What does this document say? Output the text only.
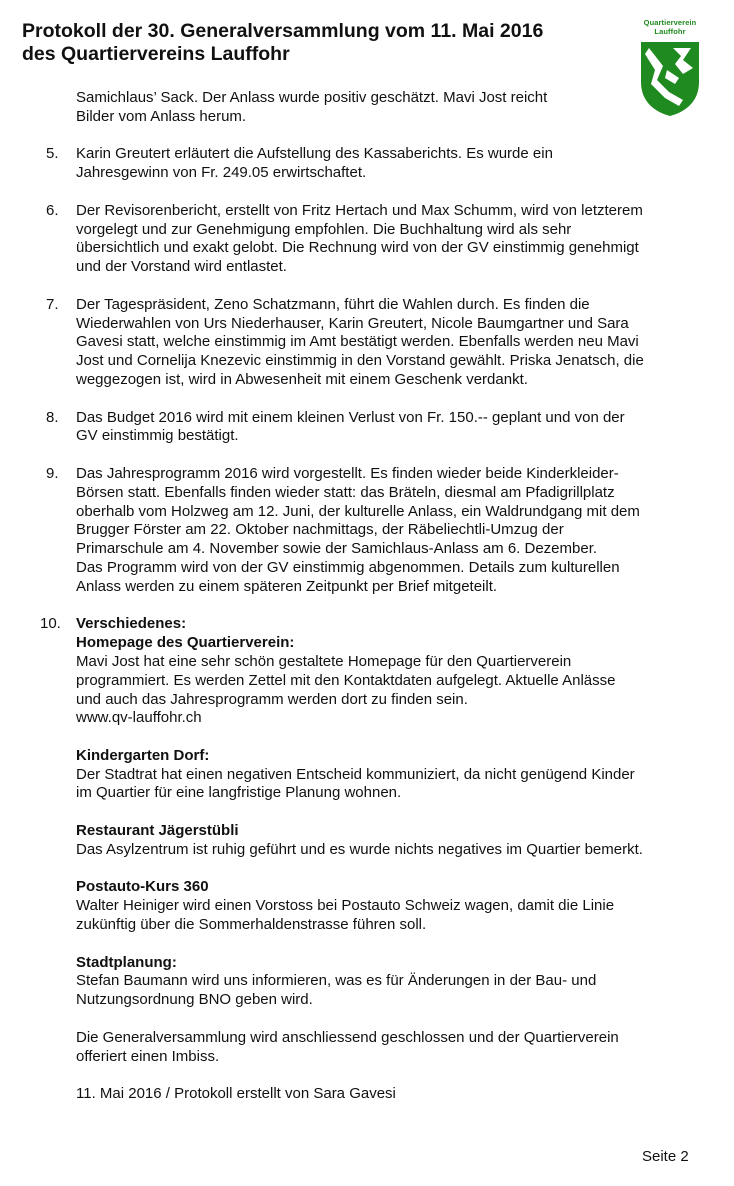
Protokoll der 30. Generalversammlung vom 11. Mai 2016
des Quartiervereins Lauffohr
Quartierverein Lauffohr
Samichlaus’ Sack. Der Anlass wurde positiv geschätzt. Mavi Jost reicht
Bilder vom Anlass herum.
5. Karin Greutert erläutert die Aufstellung des Kassaberichts. Es wurde ein
Jahresgewinn von Fr. 249.05 erwirtschaftet.
6. Der Revisorenbericht, erstellt von Fritz Hertach und Max Schumm, wird von letzterem
vorgelegt und zur Genehmigung empfohlen. Die Buchhaltung wird als sehr
übersichtlich und exakt gelobt. Die Rechnung wird von der GV einstimmig genehmigt
und der Vorstand wird entlastet.
7. Der Tagespräsident, Zeno Schatzmann, führt die Wahlen durch. Es finden die
Wiederwahlen von Urs Niederhauser, Karin Greutert, Nicole Baumgartner und Sara
Gavesi statt, welche einstimmig im Amt bestätigt werden. Ebenfalls werden neu Mavi
Jost und Cornelija Knezevic einstimmig in den Vorstand gewählt. Priska Jenatsch, die
weggezogen ist, wird in Abwesenheit mit einem Geschenk verdankt.
8. Das Budget 2016 wird mit einem kleinen Verlust von Fr. 150.-- geplant und von der
GV einstimmig bestätigt.
9. Das Jahresprogramm 2016 wird vorgestellt. Es finden wieder beide Kinderkleider-
Börsen statt. Ebenfalls finden wieder statt: das Bräteln, diesmal am Pfadigrillplatz
oberhalb vom Holzweg am 12. Juni, der kulturelle Anlass, ein Waldrundgang mit dem
Brugger Förster am 22. Oktober nachmittags, der Räbeliechtli-Umzug der
Primarschule am 4. November sowie der Samichlaus-Anlass am 6. Dezember.
Das Programm wird von der GV einstimmig abgenommen. Details zum kulturellen
Anlass werden zu einem späteren Zeitpunkt per Brief mitgeteilt.
10. Verschiedenes:
Homepage des Quartierverein:
Mavi Jost hat eine sehr schön gestaltete Homepage für den Quartierverein
programmiert. Es werden Zettel mit den Kontaktdaten aufgelegt. Aktuelle Anlässe
und auch das Jahresprogramm werden dort zu finden sein.
www.qv-lauffohr.ch
Kindergarten Dorf:
Der Stadtrat hat einen negativen Entscheid kommuniziert, da nicht genügend Kinder
im Quartier für eine langfristige Planung wohnen.
Restaurant Jägerstübli
Das Asylzentrum ist ruhig geführt und es wurde nichts negatives im Quartier bemerkt.
Postauto-Kurs 360
Walter Heiniger wird einen Vorstoss bei Postauto Schweiz wagen, damit die Linie
zukünftig über die Sommerhaldenstrasse führen soll.
Stadtplanung:
Stefan Baumann wird uns informieren, was es für Änderungen in der Bau- und
Nutzungsordnung BNO geben wird.
Die Generalversammlung wird anschliessend geschlossen und der Quartierverein
offeriert einen Imbiss.
11. Mai 2016 / Protokoll erstellt von Sara Gavesi
Seite 2
